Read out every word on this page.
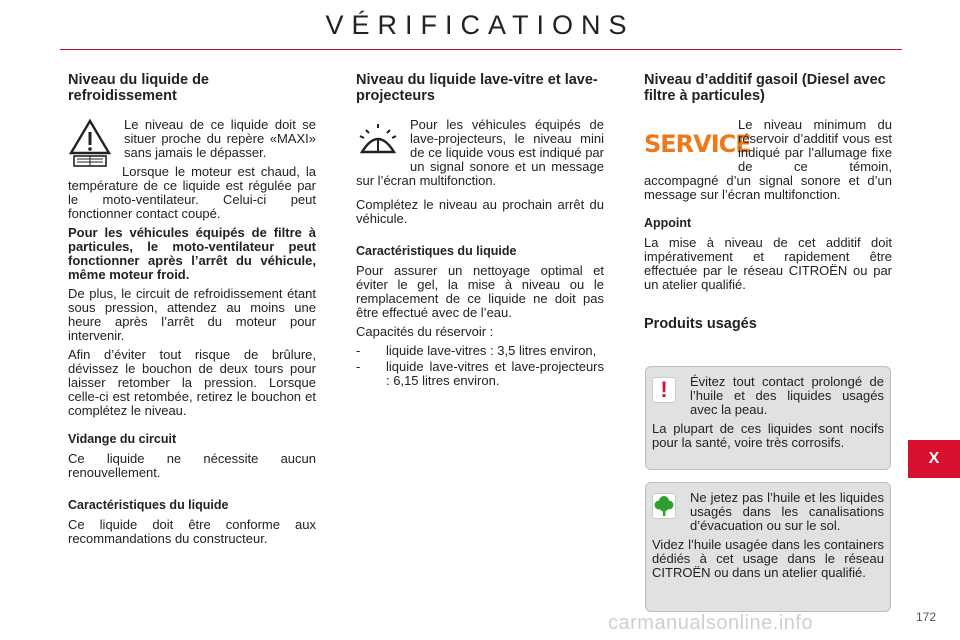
VÉRIFICATIONS
Niveau du liquide de refroidissement

Le niveau de ce liquide doit se situer proche du repère «MAXI» sans jamais le dépasser.

Lorsque le moteur est chaud, la température de ce liquide est régulée par le moto-ventilateur. Celui-ci peut fonctionner contact coupé.

Pour les véhicules équipés de filtre à particules, le moto-ventilateur peut fonctionner après l’arrêt du véhicule, même moteur froid.

De plus, le circuit de refroidissement étant sous pression, attendez au moins une heure après l’arrêt du moteur pour intervenir.

Afin d’éviter tout risque de brûlure, dévissez le bouchon de deux tours pour laisser retomber la pression. Lorsque celle-ci est retombée, retirez le bouchon et complétez le niveau.

Vidange du circuit

Ce liquide ne nécessite aucun renouvellement.

Caractéristiques du liquide

Ce liquide doit être conforme aux recommandations du constructeur.

Niveau du liquide lave-vitre et lave-projecteurs

Pour les véhicules équipés de lave-projecteurs, le niveau mini de ce liquide vous est indiqué par un signal sonore et un message sur l’écran multifonction.

Complétez le niveau au prochain arrêt du véhicule.

Caractéristiques du liquide

Pour assurer un nettoyage optimal et éviter le gel, la mise à niveau ou le remplacement de ce liquide ne doit pas être effectué avec de l’eau.

Capacités du réservoir :

- liquide lave-vitres : 3,5 litres environ,
- liquide lave-vitres et lave-projecteurs : 6,15 litres environ.
Niveau d’additif gasoil (Diesel avec filtre à particules)
SERVICE

Le niveau minimum du réservoir d’additif vous est indiqué par l’allumage fixe de ce témoin, accompagné d’un signal sonore et d’un message sur l’écran multifonction.

Appoint

La mise à niveau de cet additif doit impérativement et rapidement être effectuée par le réseau CITROËN ou par un atelier qualifié.

Produits usagés
!	Évitez tout contact prolongé de l’huile et des liquides usagés avec la peau.

La plupart de ces liquides sont nocifs pour la santé, voire très corrosifs.

Ne jetez pas l’huile et les liquides usagés dans les canalisations d’évacuation ou sur le sol.

Videz l’huile usagée dans les containers dédiés à cet usage dans le réseau CITROËN ou dans un atelier qualifié.

X
carmanualsonline.info	172
